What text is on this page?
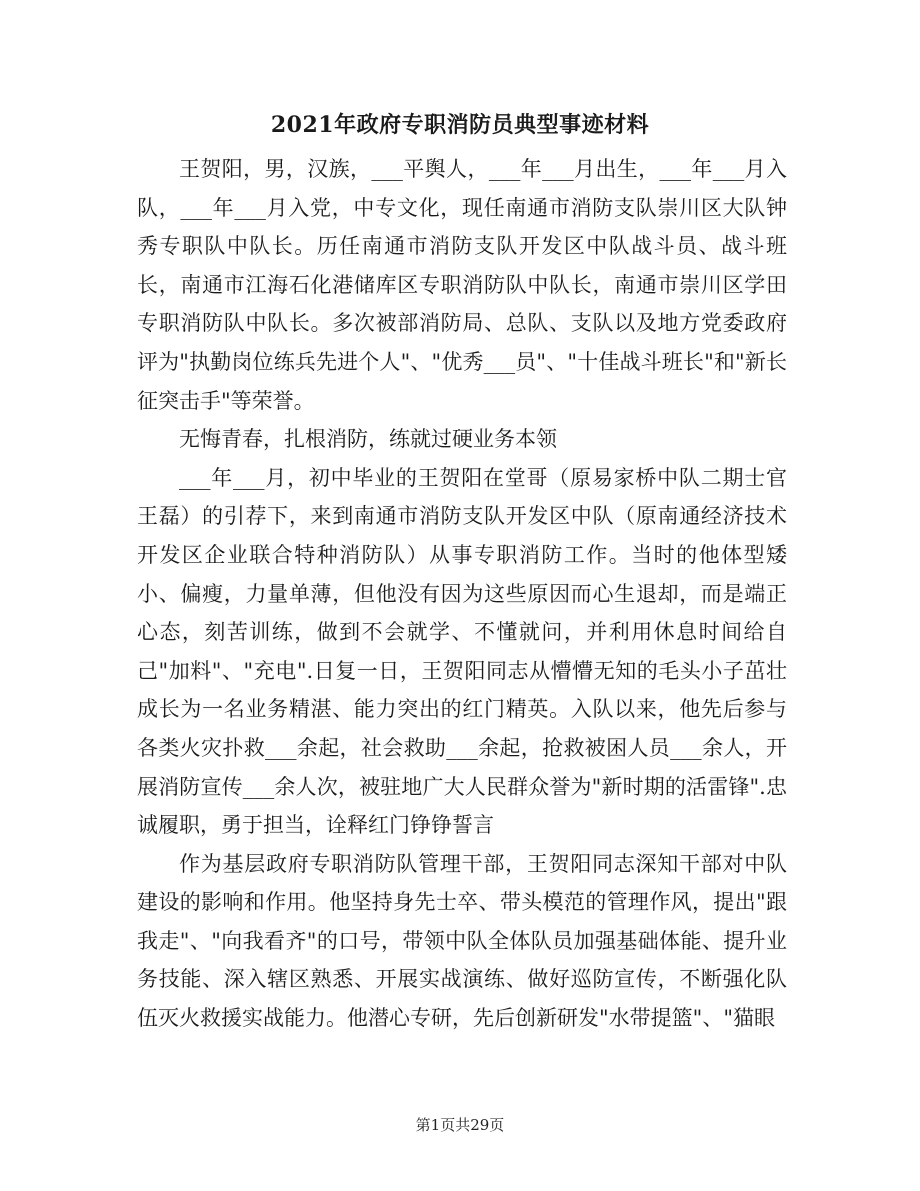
2021年政府专职消防员典型事迹材料

王贺阳，男，汉族，___平舆人，___年___月出生，___年___月入队，___年___月入党，中专文化，现任南通市消防支队崇川区大队钟秀专职队中队长。历任南通市消防支队开发区中队战斗员、战斗班长，南通市江海石化港储库区专职消防队中队长，南通市崇川区学田专职消防队中队长。多次被部消防局、总队、支队以及地方党委政府评为"执勤岗位练兵先进个人"、"优秀___员"、"十佳战斗班长"和"新长征突击手"等荣誉。

无悔青春，扎根消防，练就过硬业务本领

___年___月，初中毕业的王贺阳在堂哥（原易家桥中队二期士官王磊）的引荐下，来到南通市消防支队开发区中队（原南通经济技术开发区企业联合特种消防队）从事专职消防工作。当时的他体型矮小、偏瘦，力量单薄，但他没有因为这些原因而心生退却，而是端正心态，刻苦训练，做到不会就学、不懂就问，并利用休息时间给自己"加料"、"充电".日复一日，王贺阳同志从懵懵无知的毛头小子茁壮成长为一名业务精湛、能力突出的红门精英。入队以来，他先后参与各类火灾扑救___余起，社会救助___余起，抢救被困人员___余人，开展消防宣传___余人次，被驻地广大人民群众誉为"新时期的活雷锋".忠诚履职，勇于担当，诠释红门铮铮誓言

作为基层政府专职消防队管理干部，王贺阳同志深知干部对中队建设的影响和作用。他坚持身先士卒、带头模范的管理作风，提出"跟我走"、"向我看齐"的口号，带领中队全体队员加强基础体能、提升业务技能、深入辖区熟悉、开展实战演练、做好巡防宣传，不断强化队伍灭火救援实战能力。他潜心专研，先后创新研发"水带提篮"、"猫眼

第1页共29页
